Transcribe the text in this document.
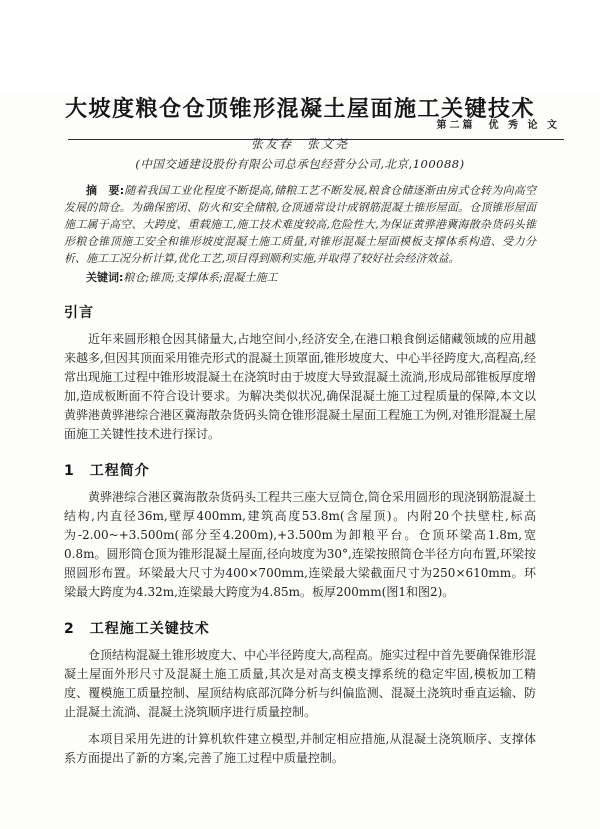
第二篇　优 秀 论 文
大坡度粮仓仓顶锥形混凝土屋面施工关键技术
张友春　张文尧
(中国交通建设股份有限公司总承包经营分公司,北京,100088)

摘　要:随着我国工业化程度不断提高,储粮工艺不断发展,粮食仓储逐渐由房式仓转为向高空发展的筒仓。为确保密闭、防火和安全储粮,仓顶通常设计成钢筋混凝土锥形屋面。仓顶锥形屋面施工属于高空、大跨度、重载施工,施工技术难度较高,危险性大,为保证黄骅港冀海散杂货码头锥形粮仓锥顶施工安全和锥形坡度混凝土施工质量,对锥形混凝土屋面模板支撑体系构造、受力分析、施工工况分析计算,优化工艺,项目得到顺利实施,并取得了较好社会经济效益。

关键词:粮仓;锥顶;支撑体系;混凝土施工

引言

近年来圆形粮仓因其储量大,占地空间小,经济安全,在港口粮食倒运储藏领域的应用越来越多,但因其顶面采用锥壳形式的混凝土顶罩面,锥形坡度大、中心半径跨度大,高程高,经常出现施工过程中锥形坡混凝土在浇筑时由于坡度大导致混凝土流淌,形成局部锥板厚度增加,造成板断面不符合设计要求。为解决类似状况,确保混凝土施工过程质量的保障,本文以黄骅港黄骅港综合港区冀海散杂货码头筒仓锥形混凝土屋面工程施工为例,对锥形混凝土屋面施工关键性技术进行探讨。

1　工程简介

黄骅港综合港区冀海散杂货码头工程共三座大豆筒仓,筒仓采用圆形的现浇钢筋混凝土结构,内直径36m,壁厚400mm,建筑高度53.8m(含屋顶)。内附20个扶壁柱,标高为-2.00~+3.500m(部分至4.200m),+3.500m为卸粮平台。仓顶环梁高1.8m,宽0.8m。圆形筒仓顶为锥形混凝土屋面,径向坡度为30°,连梁按照筒仓半径方向布置,环梁按照圆形布置。环梁最大尺寸为400×700mm,连梁最大梁截面尺寸为250×610mm。环梁最大跨度为4.32m,连梁最大跨度为4.85m。板厚200mm(图1和图2)。

2　工程施工关键技术

仓顶结构混凝土锥形坡度大、中心半径跨度大,高程高。施实过程中首先要确保锥形混凝土屋面外形尺寸及混凝土施工质量,其次是对高支模支撑系统的稳定牢固,模板加工精度、覆模施工质量控制、屋顶结构底部沉降分析与纠偏监测、混凝土浇筑时垂直运输、防止混凝土流淌、混凝土浇筑顺序进行质量控制。

本项目采用先进的计算机软件建立模型,并制定相应措施,从混凝土浇筑顺序、支撑体系方面提出了新的方案,完善了施工过程中质量控制。
